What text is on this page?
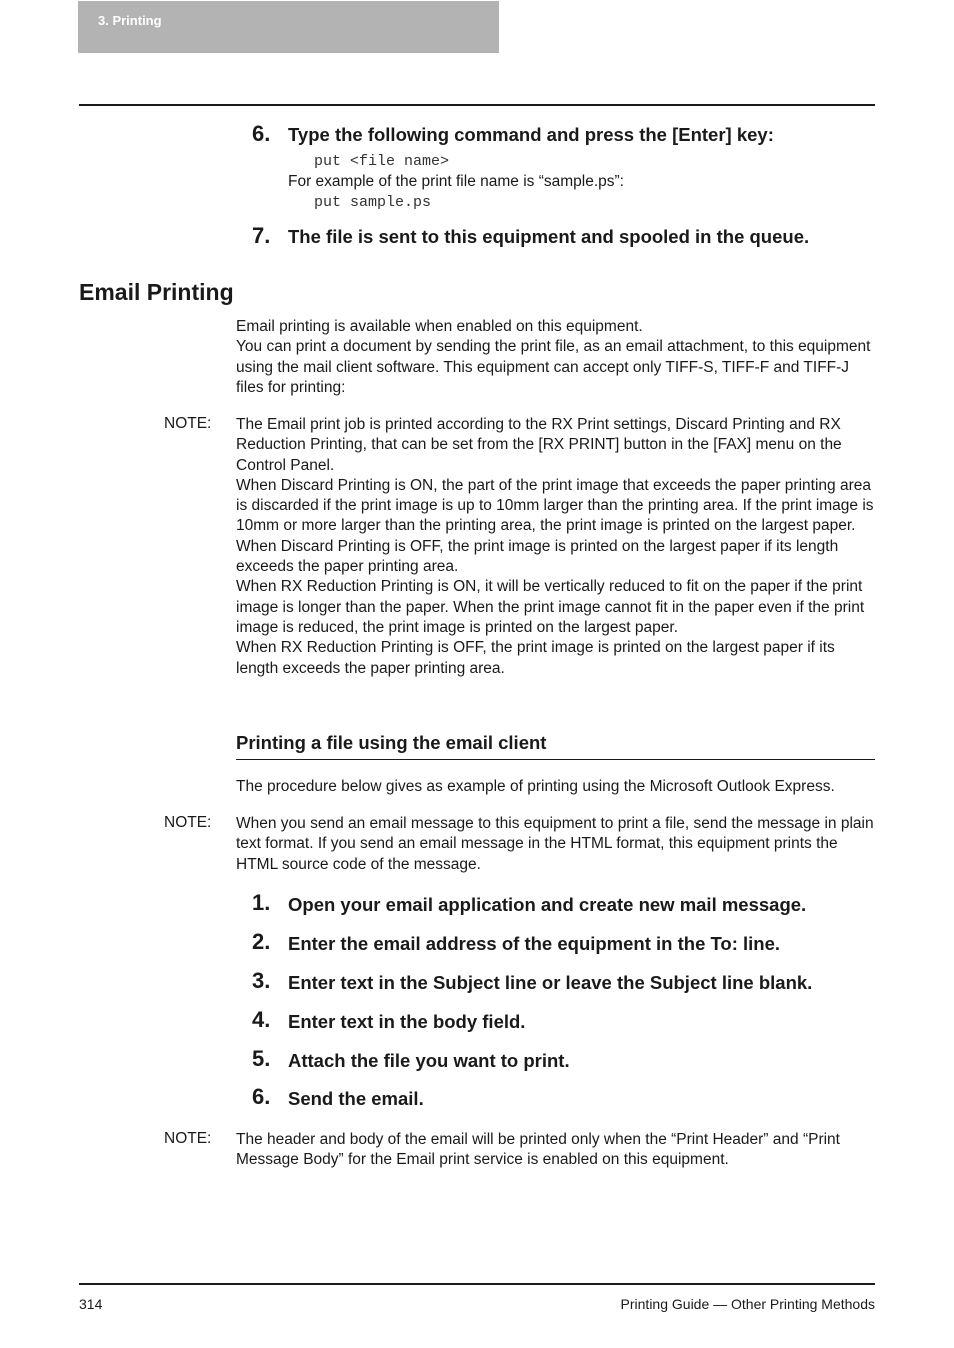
3. Printing
6. Type the following command and press the [Enter] key:
put <file name>
For example of the print file name is “sample.ps”:
put sample.ps
7. The file is sent to this equipment and spooled in the queue.
Email Printing
Email printing is available when enabled on this equipment.
You can print a document by sending the print file, as an email attachment, to this equipment using the mail client software. This equipment can accept only TIFF-S, TIFF-F and TIFF-J files for printing:
NOTE: The Email print job is printed according to the RX Print settings, Discard Printing and RX Reduction Printing, that can be set from the [RX PRINT] button in the [FAX] menu on the Control Panel.
When Discard Printing is ON, the part of the print image that exceeds the paper printing area is discarded if the print image is up to 10mm larger than the printing area. If the print image is 10mm or more larger than the printing area, the print image is printed on the largest paper.
When Discard Printing is OFF, the print image is printed on the largest paper if its length exceeds the paper printing area.
When RX Reduction Printing is ON, it will be vertically reduced to fit on the paper if the print image is longer than the paper. When the print image cannot fit in the paper even if the print image is reduced, the print image is printed on the largest paper.
When RX Reduction Printing is OFF, the print image is printed on the largest paper if its length exceeds the paper printing area.
Printing a file using the email client
The procedure below gives as example of printing using the Microsoft Outlook Express.
NOTE: When you send an email message to this equipment to print a file, send the message in plain text format. If you send an email message in the HTML format, this equipment prints the HTML source code of the message.
1. Open your email application and create new mail message.
2. Enter the email address of the equipment in the To: line.
3. Enter text in the Subject line or leave the Subject line blank.
4. Enter text in the body field.
5. Attach the file you want to print.
6. Send the email.
NOTE: The header and body of the email will be printed only when the “Print Header” and “Print Message Body” for the Email print service is enabled on this equipment.
314	Printing Guide — Other Printing Methods
